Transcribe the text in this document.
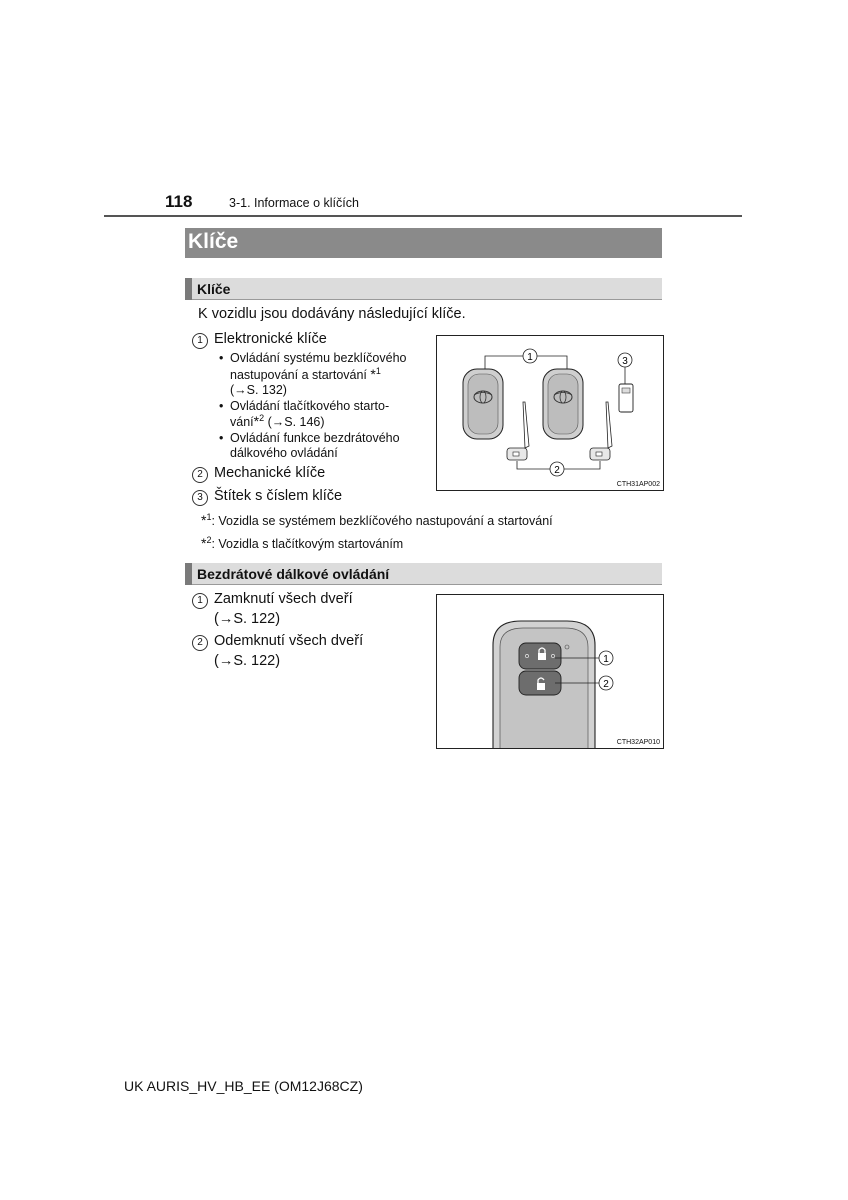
118	3-1. Informace o klíčích
Klíče
Klíče
K vozidlu jsou dodávány následující klíče.
1 Elektronické klíče
• Ovládání systému bezklíčového
nastupování a startování *$^1$
(→S. 132)
• Ovládání tlačítkového starto-
vání*$^2$ (→S. 146)
• Ovládání funkce bezdrátového
dálkového ovládání
2 Mechanické klíče
3 Štítek s číslem klíče
*$^1$: Vozidla se systémem bezklíčového nastupování a startování
*$^2$: Vozidla s tlačítkovým startováním
1
2
3
CTH31AP002
Bezdrátové dálkové ovládání
1 Zamknutí všech dveří
(→S. 122)
2 Odemknutí všech dveří
(→S. 122)	1
2
CTH32AP010
UK AURIS_HV_HB_EE (OM12J68CZ)
